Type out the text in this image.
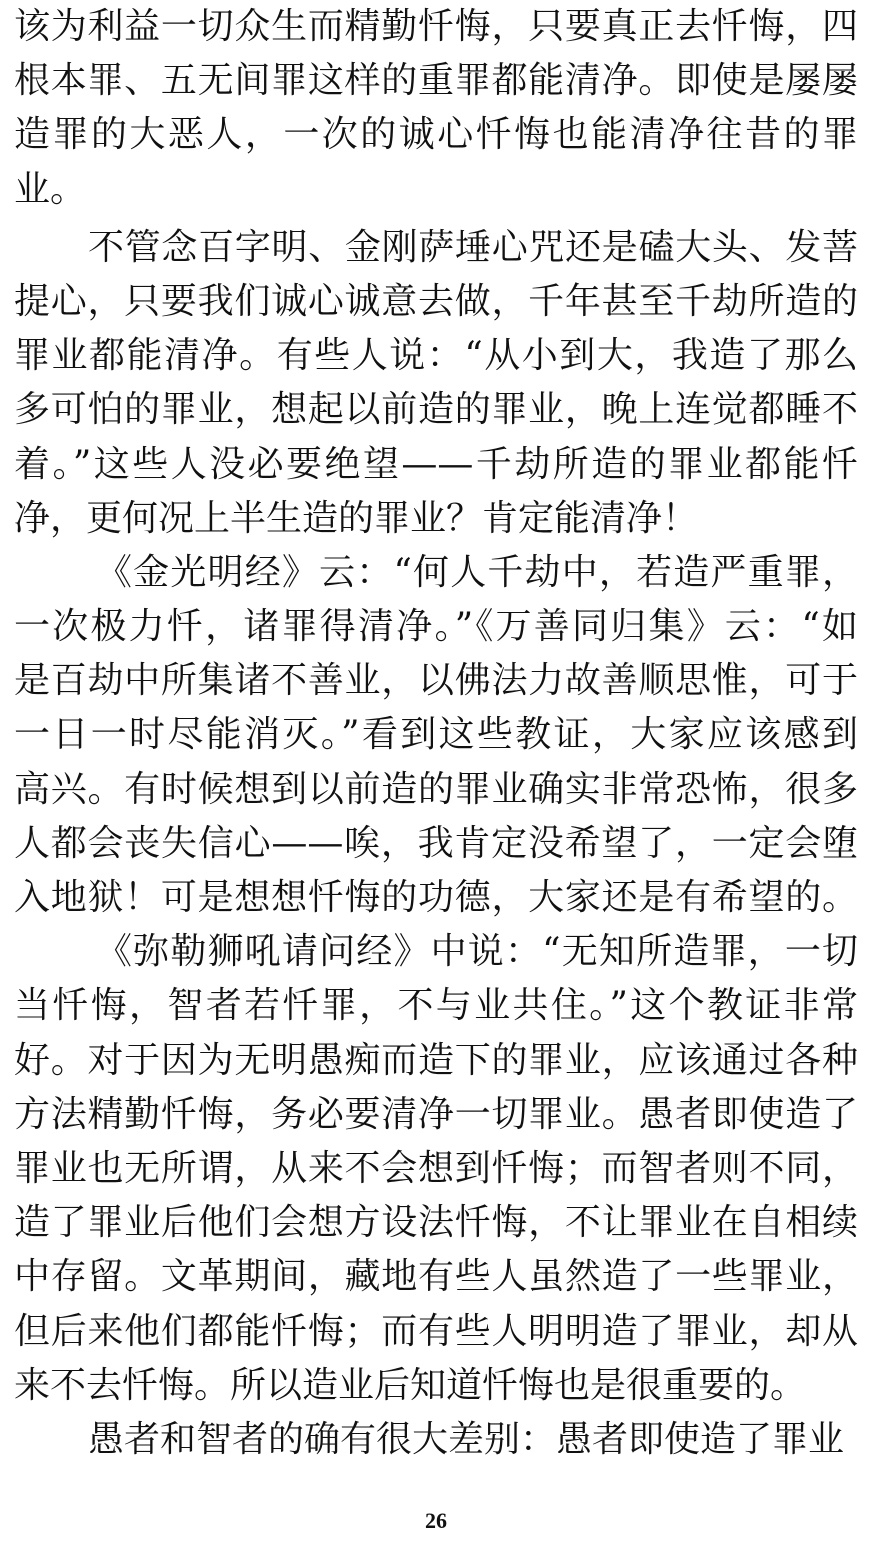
该为利益一切众生而精勤忏悔，只要真正去忏悔，四
根本罪、五无间罪这样的重罪都能清净。即使是屡屡
造罪的大恶人，一次的诚心忏悔也能清净往昔的罪
业。
不管念百字明、金刚萨埵心咒还是磕大头、发菩
提心，只要我们诚心诚意去做，千年甚至千劫所造的
罪业都能清净。有些人说：“从小到大，我造了那么
多可怕的罪业，想起以前造的罪业，晚上连觉都睡不
着。”这些人没必要绝望——千劫所造的罪业都能忏
净，更何况上半生造的罪业？肯定能清净！
《金光明经》云：“何人千劫中，若造严重罪，
一次极力忏，诸罪得清净。”《万善同归集》云：“如
是百劫中所集诸不善业，以佛法力故善顺思惟，可于
一日一时尽能消灭。”看到这些教证，大家应该感到
高兴。有时候想到以前造的罪业确实非常恐怖，很多
人都会丧失信心——唉，我肯定没希望了，一定会堕
入地狱！可是想想忏悔的功德，大家还是有希望的。
《弥勒狮吼请问经》中说：“无知所造罪，一切
当忏悔，智者若忏罪，不与业共住。”这个教证非常
好。对于因为无明愚痴而造下的罪业，应该通过各种
方法精勤忏悔，务必要清净一切罪业。愚者即使造了
罪业也无所谓，从来不会想到忏悔；而智者则不同，
造了罪业后他们会想方设法忏悔，不让罪业在自相续
中存留。文革期间，藏地有些人虽然造了一些罪业，
但后来他们都能忏悔；而有些人明明造了罪业，却从
来不去忏悔。所以造业后知道忏悔也是很重要的。
愚者和智者的确有很大差别：愚者即使造了罪业
26
